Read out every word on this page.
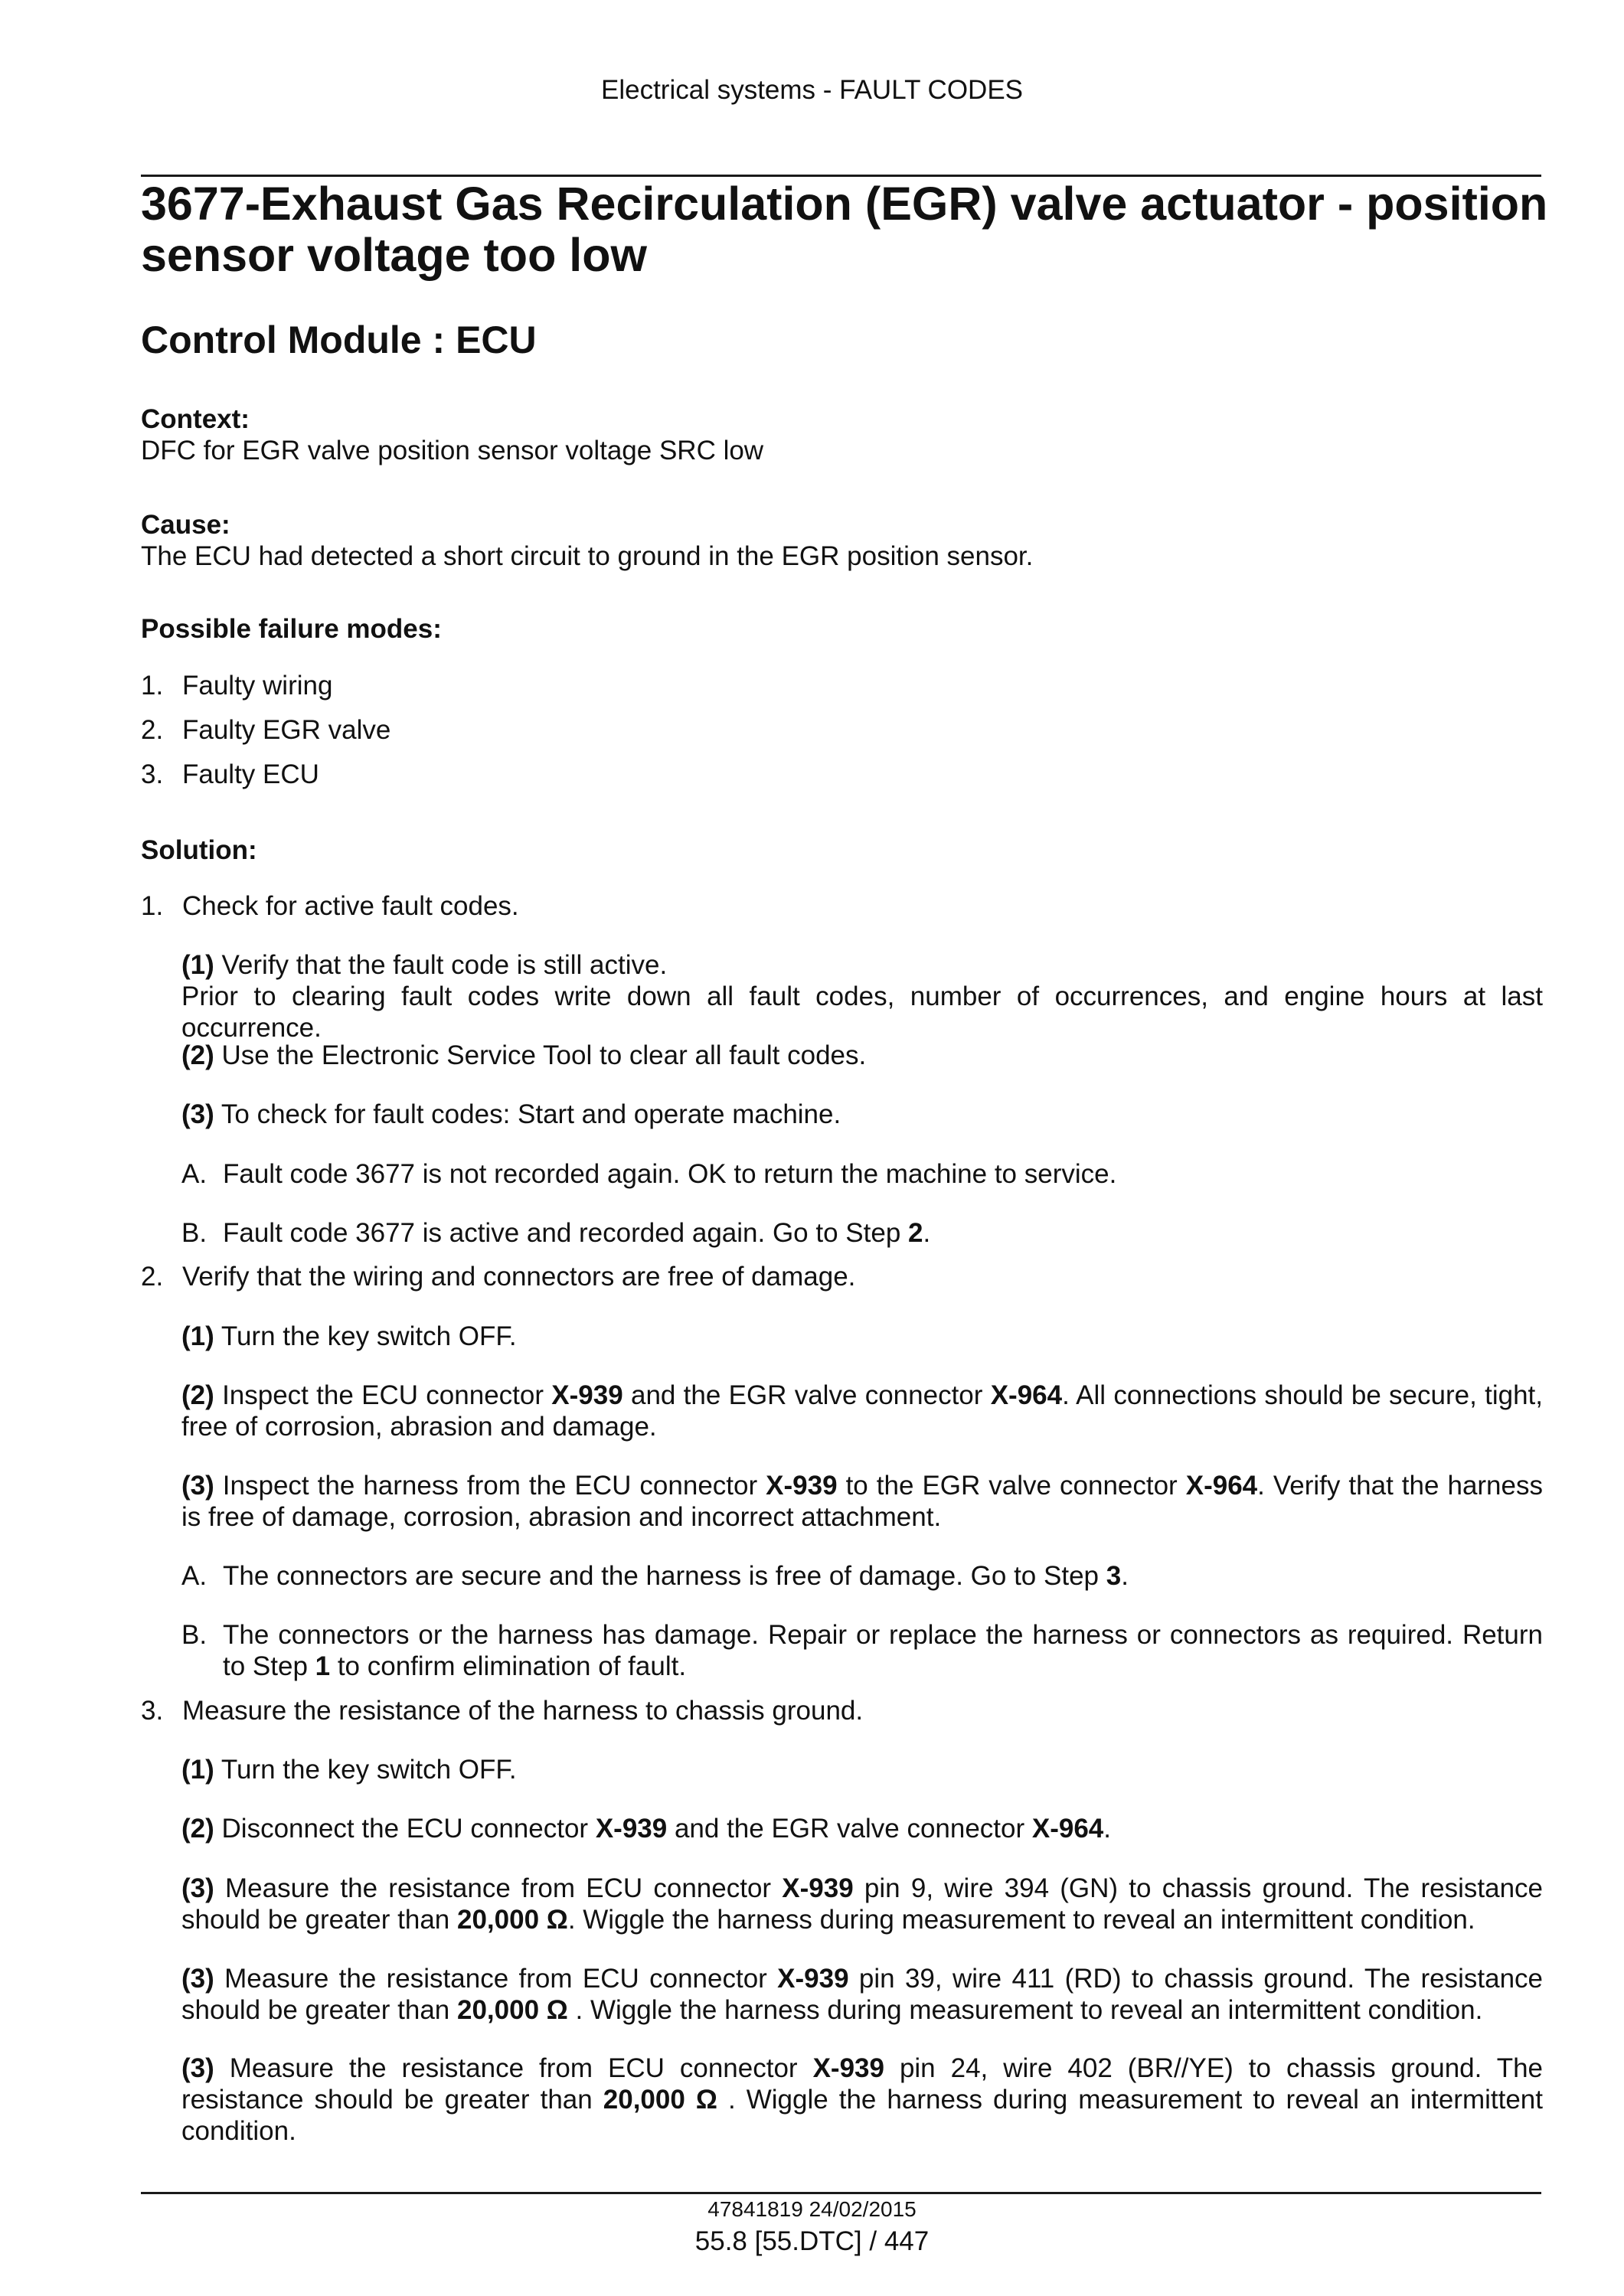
Electrical systems - FAULT CODES
3677-Exhaust Gas Recirculation (EGR) valve actuator - position sensor voltage too low
Control Module : ECU
Context:
DFC for EGR valve position sensor voltage SRC low
Cause:
The ECU had detected a short circuit to ground in the EGR position sensor.
Possible failure modes:
1. Faulty wiring
2. Faulty EGR valve
3. Faulty ECU
Solution:
1. Check for active fault codes.
(1) Verify that the fault code is still active.
Prior to clearing fault codes write down all fault codes, number of occurrences, and engine hours at last occurrence.
(2) Use the Electronic Service Tool to clear all fault codes.
(3) To check for fault codes: Start and operate machine.
A. Fault code 3677 is not recorded again. OK to return the machine to service.
B. Fault code 3677 is active and recorded again. Go to Step 2.
2. Verify that the wiring and connectors are free of damage.
(1) Turn the key switch OFF.
(2) Inspect the ECU connector X-939 and the EGR valve connector X-964. All connections should be secure, tight, free of corrosion, abrasion and damage.
(3) Inspect the harness from the ECU connector X-939 to the EGR valve connector X-964. Verify that the harness is free of damage, corrosion, abrasion and incorrect attachment.
A. The connectors are secure and the harness is free of damage. Go to Step 3.
B. The connectors or the harness has damage. Repair or replace the harness or connectors as required. Return to Step 1 to confirm elimination of fault.
3. Measure the resistance of the harness to chassis ground.
(1) Turn the key switch OFF.
(2) Disconnect the ECU connector X-939 and the EGR valve connector X-964.
(3) Measure the resistance from ECU connector X-939 pin 9, wire 394 (GN) to chassis ground. The resistance should be greater than 20,000 Ω. Wiggle the harness during measurement to reveal an intermittent condition.
(3) Measure the resistance from ECU connector X-939 pin 39, wire 411 (RD) to chassis ground. The resistance should be greater than 20,000 Ω . Wiggle the harness during measurement to reveal an intermittent condition.
(3) Measure the resistance from ECU connector X-939 pin 24, wire 402 (BR//YE) to chassis ground. The resistance should be greater than 20,000 Ω . Wiggle the harness during measurement to reveal an intermittent condition.
47841819 24/02/2015
55.8 [55.DTC] / 447
